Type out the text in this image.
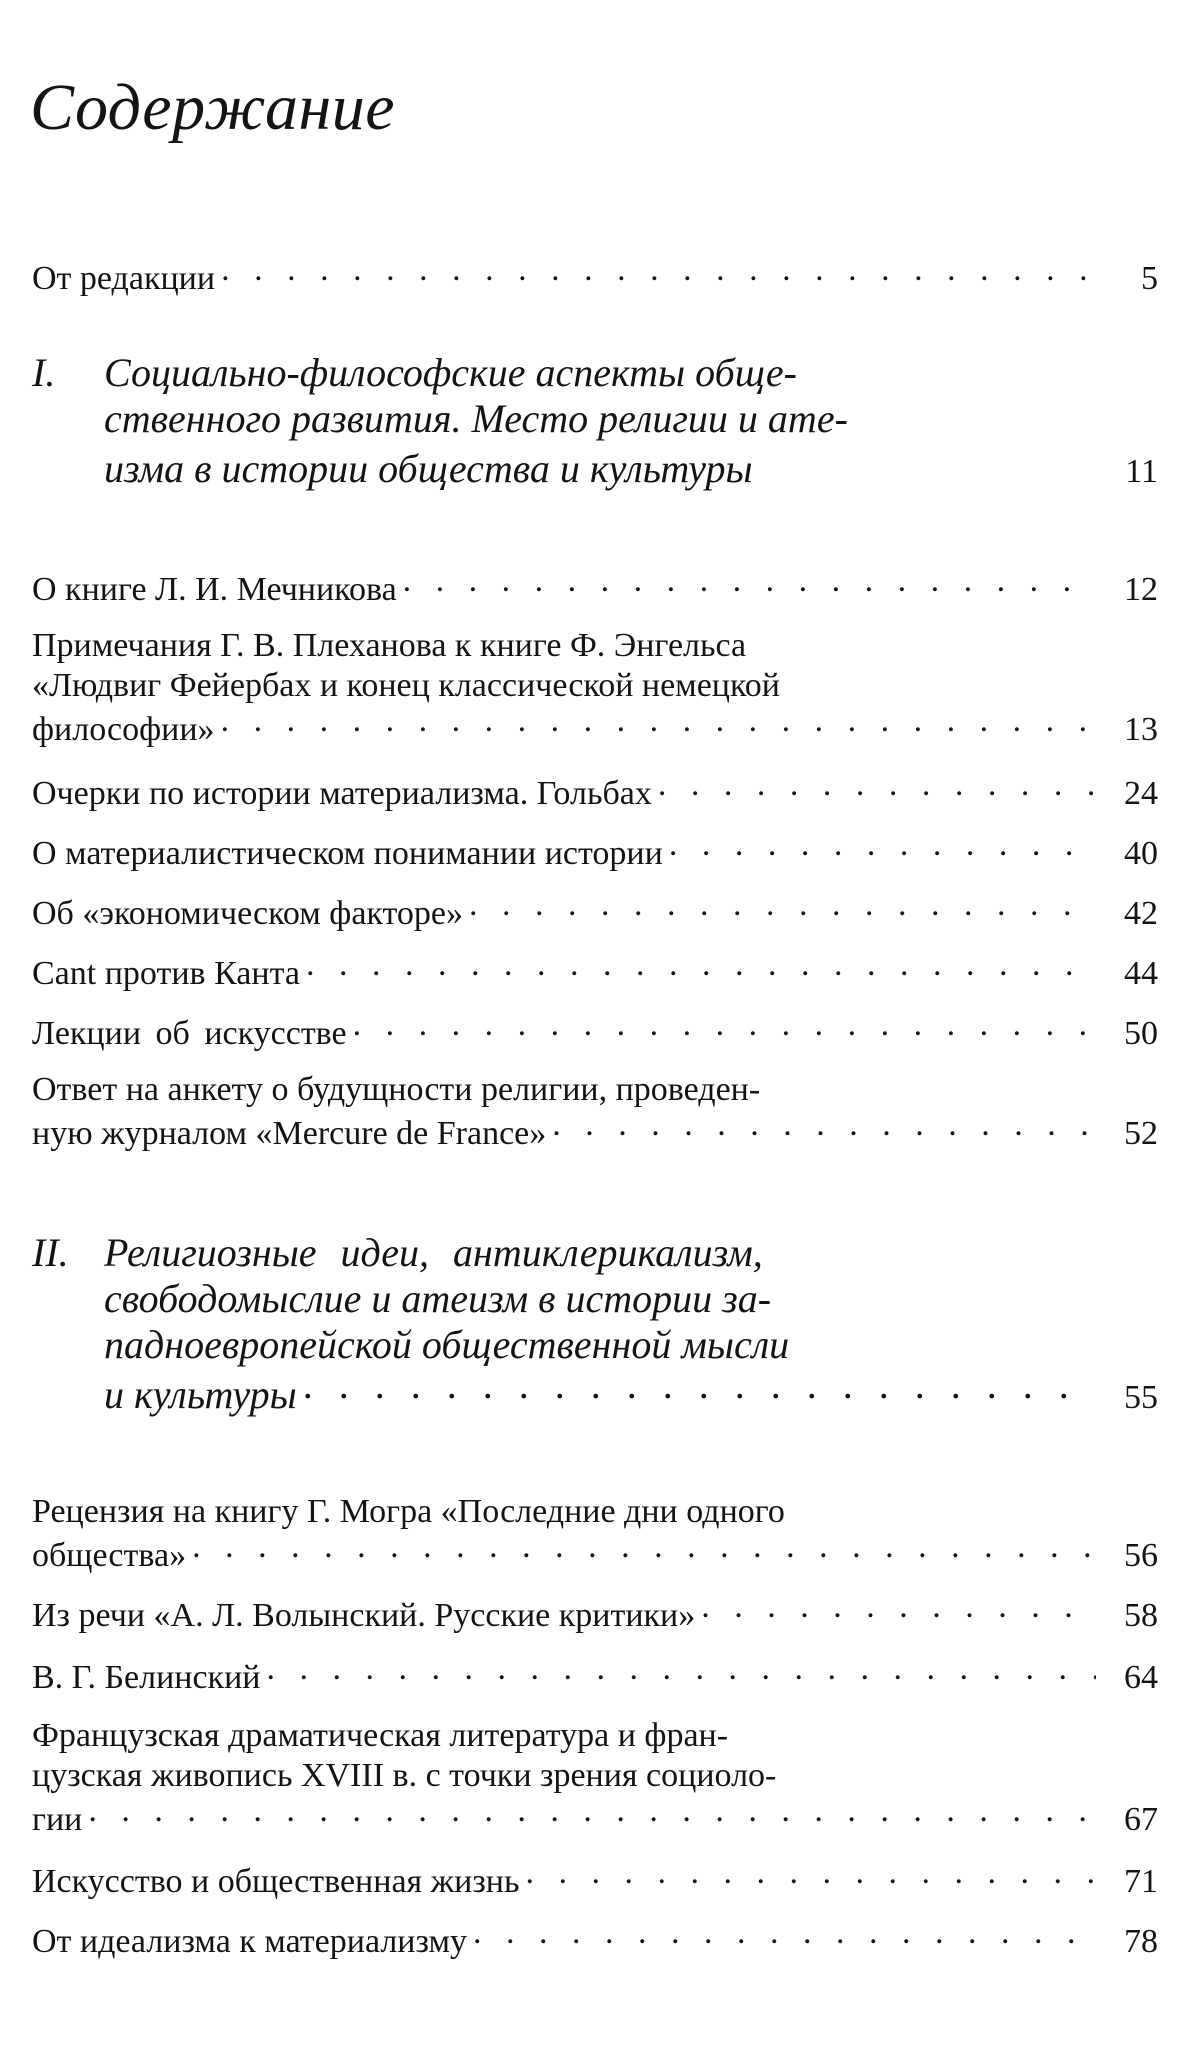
Содержание
От редакции . . .	5
I.	Социально-философские аспекты обще-
ственного развития. Место религии и ате-
изма в истории общества и культуры	11
О книге Л. И. Мечникова . . .	12
Примечания Г. В. Плеханова к книге Ф. Энгельса
«Людвиг Фейербах и конец классической немецкой
философии» . . .	13
Очерки по истории материализма. Гольбах . . .	24
О материалистическом понимании истории . . .	40
Об «экономическом факторе» . . .	42
Cant против Канта . . .	44
Лекции об искусстве . . .	50
Ответ на анкету о будущности религии, проведен-
ную журналом «Mercure de France» . . .	52
II. Религиозные идеи, антиклерикализм,
свободомыслие и атеизм в истории за-
падноевропейской общественной мысли
и культуры . . .	55
Рецензия на книгу Г. Могра «Последние дни одного
общества» . . .	56
Из речи «А. Л. Волынский. Русские критики» . . .	58
В. Г. Белинский . . .	64
Французская драматическая литература и фран-
цузская живопись XVIII в. с точки зрения социоло-
гии . . .	67
Искусство и общественная жизнь . . .	71
От идеализма к материализму . . .	78
